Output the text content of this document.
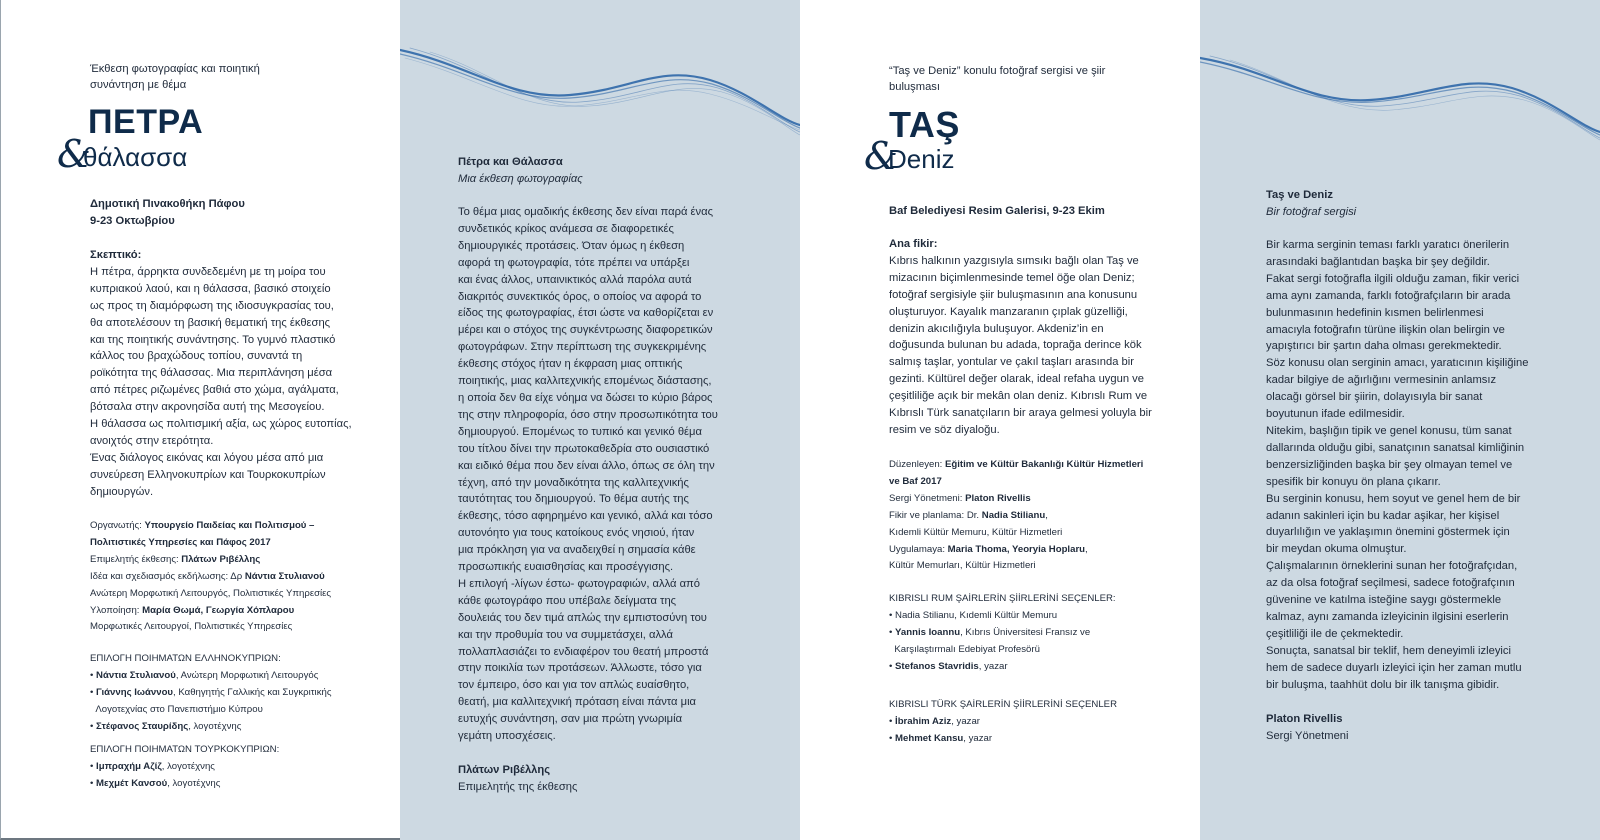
Έκθεση φωτογραφίας και ποιητική
συνάντηση με θέμα
ΠΕΤΡΑ
&
θάλασσα
Δημοτική Πινακοθήκη Πάφου
9-23 Οκτωβρίου
Σκεπτικό:
Η πέτρα, άρρηκτα συνδεδεμένη με τη μοίρα του
κυπριακού λαού, και η θάλασσα, βασικό στοιχείο
ως προς τη διαμόρφωση της ιδιοσυγκρασίας του,
θα αποτελέσουν τη βασική θεματική της έκθεσης
και της ποιητικής συνάντησης. Το γυμνό πλαστικό
κάλλος του βραχώδους τοπίου, συναντά τη
ροϊκότητα της θάλασσας. Μια περιπλάνηση μέσα
από πέτρες ριζωμένες βαθιά στο χώμα, αγάλματα,
βότσαλα στην ακρονησίδα αυτή της Μεσογείου.
Η θάλασσα ως πολιτισμική αξία, ως χώρος ευτοπίας,
ανοιχτός στην ετερότητα.
Ένας διάλογος εικόνας και λόγου μέσα από μια
συνεύρεση Ελληνοκυπρίων και Τουρκοκυπρίων
δημιουργών.
Οργανωτής: Υπουργείο Παιδείας και Πολιτισμού –
Πολιτιστικές Υπηρεσίες και Πάφος 2017
Επιμελητής έκθεσης: Πλάτων Ριβέλλης
Ιδέα και σχεδιασμός εκδήλωσης: Δρ Νάντια Στυλιανού
Ανώτερη Μορφωτική Λειτουργός, Πολιτιστικές Υπηρεσίες
Υλοποίηση: Μαρία Θωμά, Γεωργία Χόπλαρου
Μορφωτικές Λειτουργοί, Πολιτιστικές Υπηρεσίες
ΕΠΙΛΟΓΗ ΠΟΙΗΜΑΤΩΝ ΕΛΛΗΝΟΚΥΠΡΙΩΝ:
• Νάντια Στυλιανού, Ανώτερη Μορφωτική Λειτουργός
• Γιάννης Ιωάννου, Καθηγητής Γαλλικής και Συγκριτικής
Λογοτεχνίας στο Πανεπιστήμιο Κύπρου
• Στέφανος Σταυρίδης, λογοτέχνης
ΕΠΙΛΟΓΗ ΠΟΙΗΜΑΤΩΝ ΤΟΥΡΚΟΚΥΠΡΙΩΝ:
• Ιμπραχήμ Αζίζ, λογοτέχνης
• Μεχμέτ Κανσού, λογοτέχνης
Πέτρα και Θάλασσα
Μια έκθεση φωτογραφίας
Το θέμα μιας ομαδικής έκθεσης δεν είναι παρά ένας
συνδετικός κρίκος ανάμεσα σε διαφορετικές
δημιουργικές προτάσεις. Όταν όμως η έκθεση
αφορά τη φωτογραφία, τότε πρέπει να υπάρξει
και ένας άλλος, υπαινικτικός αλλά παρόλα αυτά
διακριτός συνεκτικός όρος, ο οποίος να αφορά το
είδος της φωτογραφίας, έτσι ώστε να καθορίζεται εν
μέρει και ο στόχος της συγκέντρωσης διαφορετικών
φωτογράφων. Στην περίπτωση της συγκεκριμένης
έκθεσης στόχος ήταν η έκφραση μιας οπτικής
ποιητικής, μιας καλλιτεχνικής επομένως διάστασης,
η οποία δεν θα είχε νόημα να δώσει το κύριο βάρος
της στην πληροφορία, όσο στην προσωπικότητα του
δημιουργού. Επομένως το τυπικό και γενικό θέμα
του τίτλου δίνει την πρωτοκαθεδρία στο ουσιαστικό
και ειδικό θέμα που δεν είναι άλλο, όπως σε όλη την
τέχνη, από την μοναδικότητα της καλλιτεχνικής
ταυτότητας του δημιουργού. Το θέμα αυτής της
έκθεσης, τόσο αφηρημένο και γενικό, αλλά και τόσο
αυτονόητο για τους κατοίκους ενός νησιού, ήταν
μια πρόκληση για να αναδειχθεί η σημασία κάθε
προσωπικής ευαισθησίας και προσέγγισης.
Η επιλογή -λίγων έστω- φωτογραφιών, αλλά από
κάθε φωτογράφο που υπέβαλε δείγματα της
δουλειάς του δεν τιμά απλώς την εμπιστοσύνη του
και την προθυμία του να συμμετάσχει, αλλά
πολλαπλασιάζει το ενδιαφέρον του θεατή μπροστά
στην ποικιλία των προτάσεων. Άλλωστε, τόσο για
τον έμπειρο, όσο και για τον απλώς ευαίσθητο,
θεατή, μια καλλιτεχνική πρόταση είναι πάντα μια
ευτυχής συνάντηση, σαν μια πρώτη γνωριμία
γεμάτη υποσχέσεις.
Πλάτων Ριβέλλης
Επιμελητής της έκθεσης
“Taş ve Deniz” konulu fotoğraf sergisi ve şiir
buluşması
TAŞ
&
Deniz
Baf Belediyesi Resim Galerisi, 9-23 Ekim
Ana fikir:
Kıbrıs halkının yazgısıyla sımsıkı bağlı olan Taş ve
mizacının biçimlenmesinde temel öğe olan Deniz;
fotoğraf sergisiyle şiir buluşmasının ana konusunu
oluşturuyor. Kayalık manzaranın çıplak güzelliği,
denizin akıcılığıyla buluşuyor. Akdeniz’in en
doğusunda bulunan bu adada, toprağa derince kök
salmış taşlar, yontular ve çakıl taşları arasında bir
gezinti. Kültürel değer olarak, ideal refaha uygun ve
çeşitliliğe açık bir mekân olan deniz. Kıbrıslı Rum ve
Kıbrıslı Türk sanatçıların bir araya gelmesi yoluyla bir
resim ve söz diyaloğu.
Düzenleyen: Eğitim ve Kültür Bakanlığı Kültür Hizmetleri
ve Baf 2017
Sergi Yönetmeni: Platon Rivellis
Fikir ve planlama: Dr. Nadia Stilianu,
Kıdemli Kültür Memuru, Kültür Hizmetleri
Uygulamaya: Maria Thoma, Yeoryia Hoplaru,
Kültür Memurları, Kültür Hizmetleri
KIBRISLI RUM ŞAİRLERİN ŞİİRLERİNİ SEÇENLER:
• Nadia Stilianu, Kıdemli Kültür Memuru
• Yannis Ioannu, Kıbrıs Üniversitesi Fransız ve
Karşılaştırmalı Edebiyat Profesörü
• Stefanos Stavridis, yazar
KIBRISLI TÜRK ŞAİRLERİN ŞİİRLERİNİ SEÇENLER
• İbrahim Aziz, yazar
• Mehmet Kansu, yazar
Taş ve Deniz
Bir fotoğraf sergisi
Bir karma serginin teması farklı yaratıcı önerilerin
arasındaki bağlantıdan başka bir şey değildir.
Fakat sergi fotoğrafla ilgili olduğu zaman, fikir verici
ama aynı zamanda, farklı fotoğrafçıların bir arada
bulunmasının hedefinin kısmen belirlenmesi
amacıyla fotoğrafın türüne ilişkin olan belirgin ve
yapıştırıcı bir şartın daha olması gerekmektedir.
Söz konusu olan serginin amacı, yaratıcının kişiliğine
kadar bilgiye de ağırlığını vermesinin anlamsız
olacağı görsel bir şiirin, dolayısıyla bir sanat
boyutunun ifade edilmesidir.
Nitekim, başlığın tipik ve genel konusu, tüm sanat
dallarında olduğu gibi, sanatçının sanatsal kimliğinin
benzersizliğinden başka bir şey olmayan temel ve
spesifik bir konuyu ön plana çıkarır.
Bu serginin konusu, hem soyut ve genel hem de bir
adanın sakinleri için bu kadar aşikar, her kişisel
duyarlılığın ve yaklaşımın önemini göstermek için
bir meydan okuma olmuştur.
Çalışmalarının örneklerini sunan her fotoğrafçıdan,
az da olsa fotoğraf seçilmesi, sadece fotoğrafçının
güvenine ve katılma isteğine saygı göstermekle
kalmaz, aynı zamanda izleyicinin ilgisini eserlerin
çeşitliliği ile de çekmektedir.
Sonuçta, sanatsal bir teklif, hem deneyimli izleyici
hem de sadece duyarlı izleyici için her zaman mutlu
bir buluşma, taahhüt dolu bir ilk tanışma gibidir.
Platon Rivellis
Sergi Yönetmeni
